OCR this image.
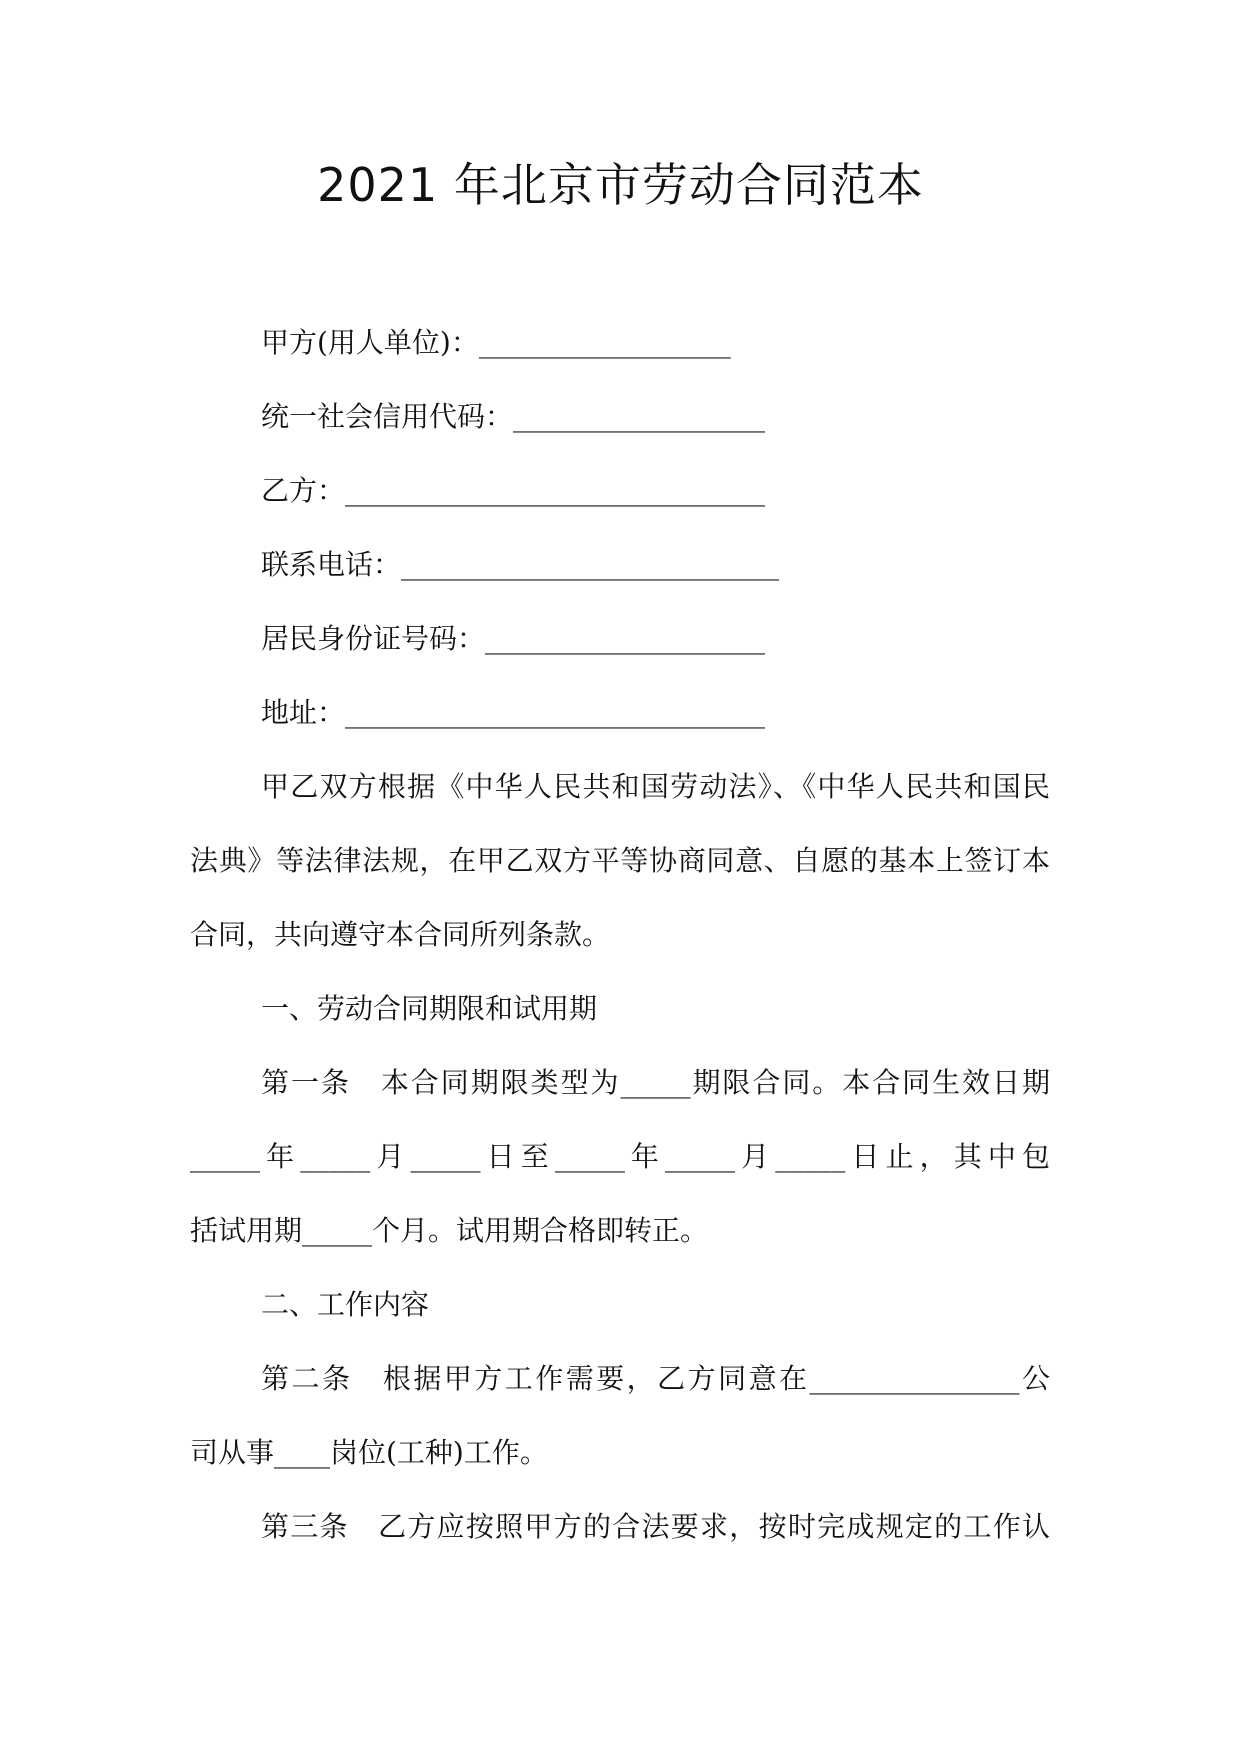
2021 年北京市劳动合同范本
甲方(用人单位)：__________________
统一社会信用代码：__________________
乙方：______________________________
联系电话：___________________________
居民身份证号码：____________________
地址：______________________________
甲乙双方根据《中华人民共和国劳动法》、《中华人民共和国民
法典》等法律法规，在甲乙双方平等协商同意、自愿的基本上签订本
合同，共向遵守本合同所列条款。
一、劳动合同期限和试用期
第一条　本合同期限类型为_____期限合同。本合同生效日期
_____年_____月_____日至_____年_____月_____日止，其中包
括试用期_____个月。试用期合格即转正。
二、工作内容
第二条　根据甲方工作需要，乙方同意在_______________公
司从事____岗位(工种)工作。
第三条　乙方应按照甲方的合法要求，按时完成规定的工作认
